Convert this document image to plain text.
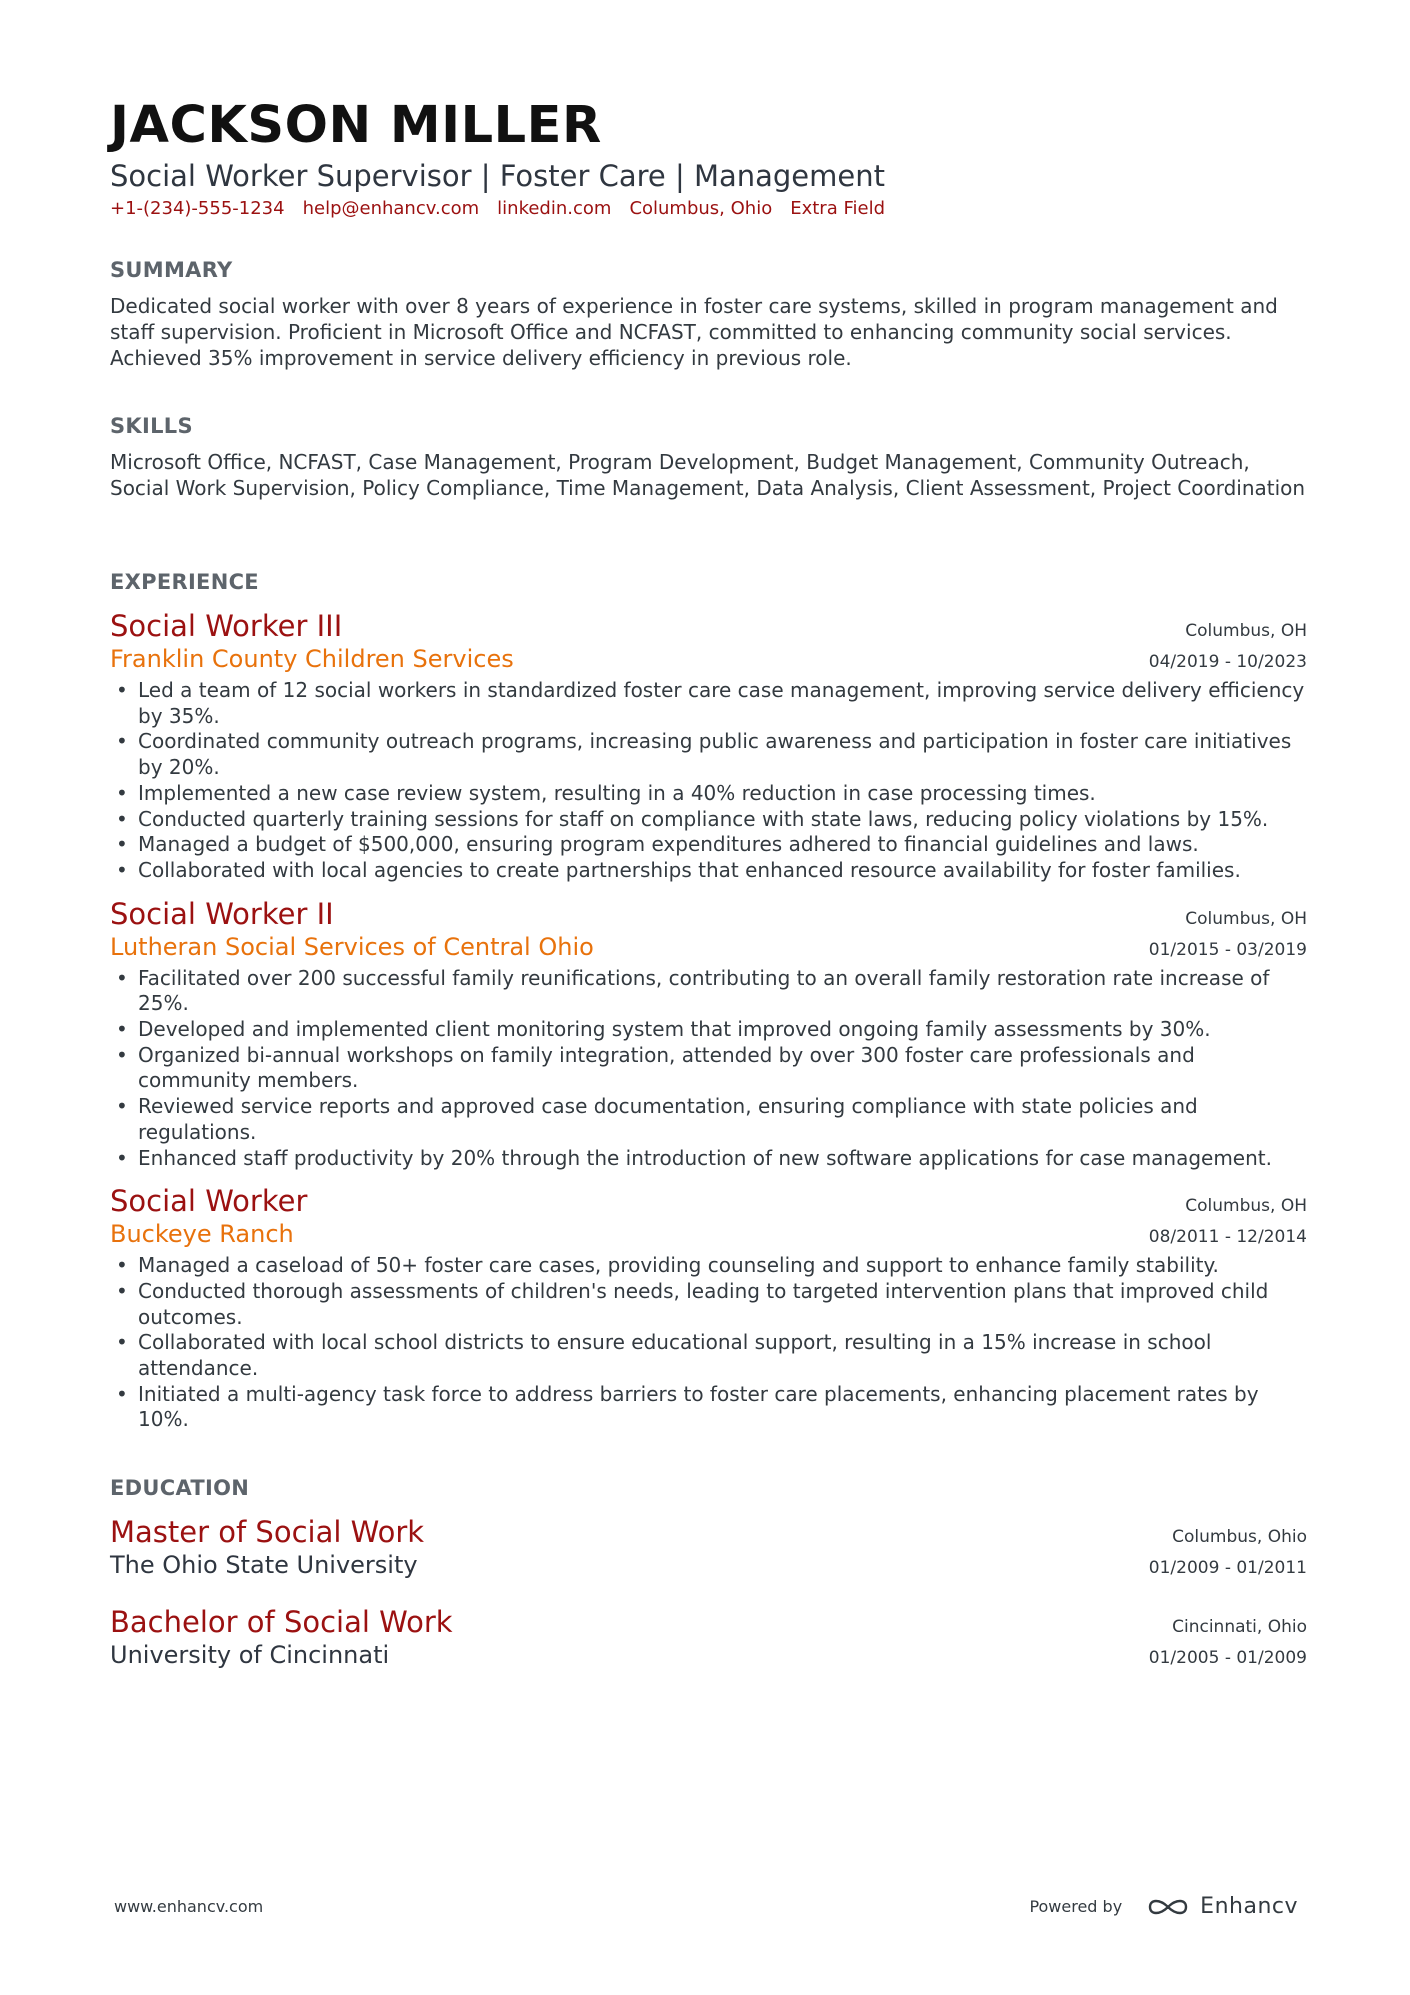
JACKSON MILLER
Social Worker Supervisor | Foster Care | Management
+1-(234)-555-1234 help@enhancv.com linkedin.com Columbus, Ohio Extra Field
SUMMARY
Dedicated social worker with over 8 years of experience in foster care systems, skilled in program management and staff supervision. Proficient in Microsoft Office and NCFAST, committed to enhancing community social services. Achieved 35% improvement in service delivery efficiency in previous role.
SKILLS
Microsoft Office, NCFAST, Case Management, Program Development, Budget Management, Community Outreach, Social Work Supervision, Policy Compliance, Time Management, Data Analysis, Client Assessment, Project Coordination
EXPERIENCE
Social Worker III	Columbus, OH
Franklin County Children Services	04/2019 - 10/2023
• Led a team of 12 social workers in standardized foster care case management, improving service delivery efficiency by 35%.
• Coordinated community outreach programs, increasing public awareness and participation in foster care initiatives by 20%.
• Implemented a new case review system, resulting in a 40% reduction in case processing times.
• Conducted quarterly training sessions for staff on compliance with state laws, reducing policy violations by 15%.
• Managed a budget of $500,000, ensuring program expenditures adhered to financial guidelines and laws.
• Collaborated with local agencies to create partnerships that enhanced resource availability for foster families.
Social Worker II	Columbus, OH
Lutheran Social Services of Central Ohio	01/2015 - 03/2019
• Facilitated over 200 successful family reunifications, contributing to an overall family restoration rate increase of 25%.
• Developed and implemented client monitoring system that improved ongoing family assessments by 30%.
• Organized bi-annual workshops on family integration, attended by over 300 foster care professionals and community members.
• Reviewed service reports and approved case documentation, ensuring compliance with state policies and regulations.
• Enhanced staff productivity by 20% through the introduction of new software applications for case management.
Social Worker	Columbus, OH
Buckeye Ranch	08/2011 - 12/2014
• Managed a caseload of 50+ foster care cases, providing counseling and support to enhance family stability.
• Conducted thorough assessments of children's needs, leading to targeted intervention plans that improved child outcomes.
• Collaborated with local school districts to ensure educational support, resulting in a 15% increase in school attendance.
• Initiated a multi-agency task force to address barriers to foster care placements, enhancing placement rates by 10%.
EDUCATION
Master of Social Work	Columbus, Ohio
The Ohio State University	01/2009 - 01/2011
Bachelor of Social Work	Cincinnati, Ohio
University of Cincinnati	01/2005 - 01/2009
www.enhancv.com	Powered by	Enhancv
